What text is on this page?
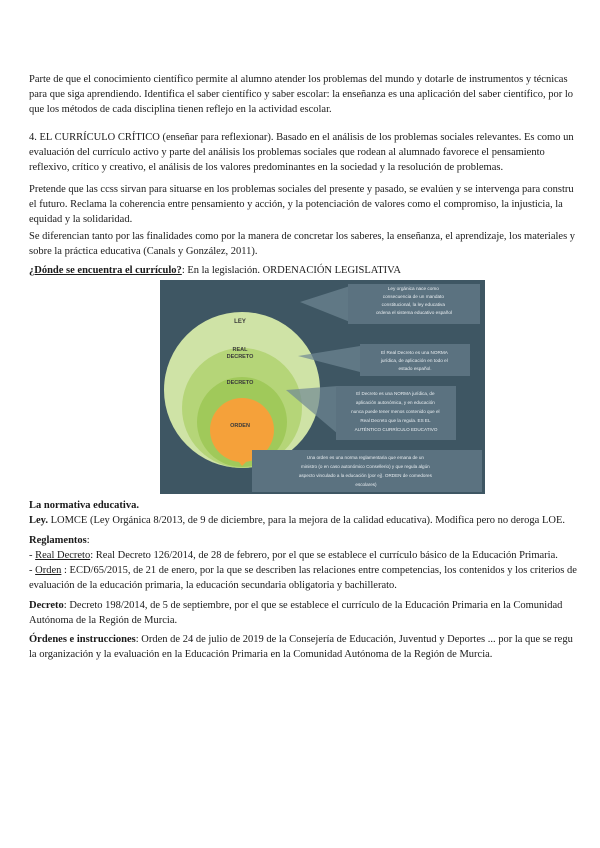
Parte de que el conocimiento científico permite al alumno atender los problemas del mundo y dotarle de instrumentos y técnicas
para que siga aprendiendo. Identifica el saber científico y saber escolar: la enseñanza es una aplicación del saber científico, por lo
que los métodos de cada disciplina tienen reflejo en la actividad escolar.
4. EL CURRÍCULO CRÍTICO (enseñar para reflexionar). Basado en el análisis de los problemas sociales relevantes. Es como un
evaluación del currículo activo y parte del análisis los problemas sociales que rodean al alumnado favorece el pensamiento
reflexivo, crítico y creativo, el análisis de los valores predominantes en la sociedad y la resolución de problemas.
Pretende que las ccss sirvan para situarse en los problemas sociales del presente y pasado, se evalúen y se intervenga para constru
el futuro. Reclama la coherencia entre pensamiento y acción, y la potenciación de valores como el compromiso, la injusticia, la
equidad y la solidaridad.
Se diferencian tanto por las finalidades como por la manera de concretar los saberes, la enseñanza, el aprendizaje, los materiales y
sobre la práctica educativa (Canals y González, 2011).
¿Dónde se encuentra el currículo?: En la legislación. ORDENACIÓN LEGISLATIVA
LEY
REAL
DECRETO
DECRETO
ORDEN
Ley orgánica nace como consecuencia de un mandato constitucional, la ley educativa ordena el sistema educativo español
El Real Decreto es una NORMA jurídica, de aplicación en todo el estado español.
El Decreto es una NORMA jurídica, de aplicación autonómica, y en educación nunca puede tener menos contenido que el Real Decreto que la regula. ES EL AUTÉNTICO CURRÍCULO EDUCATIVO
Una orden es una norma reglamentaria que emana de un ministro (o en caso autonómico Consellerio) y que regula algún aspecto vinculado a la educación (por ej). ORDEN de comedores escolares)
La normativa educativa.
Ley. LOMCE (Ley Orgánica 8/2013, de 9 de diciembre, para la mejora de la calidad educativa). Modifica pero no deroga LOE.
Reglamentos:
- Real Decreto: Real Decreto 126/2014, de 28 de febrero, por el que se establece el currículo básico de la Educación Primaria.
- Orden : ECD/65/2015, de 21 de enero, por la que se describen las relaciones entre competencias, los contenidos y los criterios de
evaluación de la educación primaria, la educación secundaria obligatoria y bachillerato.
Decreto: Decreto 198/2014, de 5 de septiembre, por el que se establece el currículo de la Educación Primaria en la Comunidad
Autónoma de la Región de Murcia.
Órdenes e instrucciones: Orden de 24 de julio de 2019 de la Consejería de Educación, Juventud y Deportes ... por la que se regu
la organización y la evaluación en la Educación Primaria en la Comunidad Autónoma de la Región de Murcia.
